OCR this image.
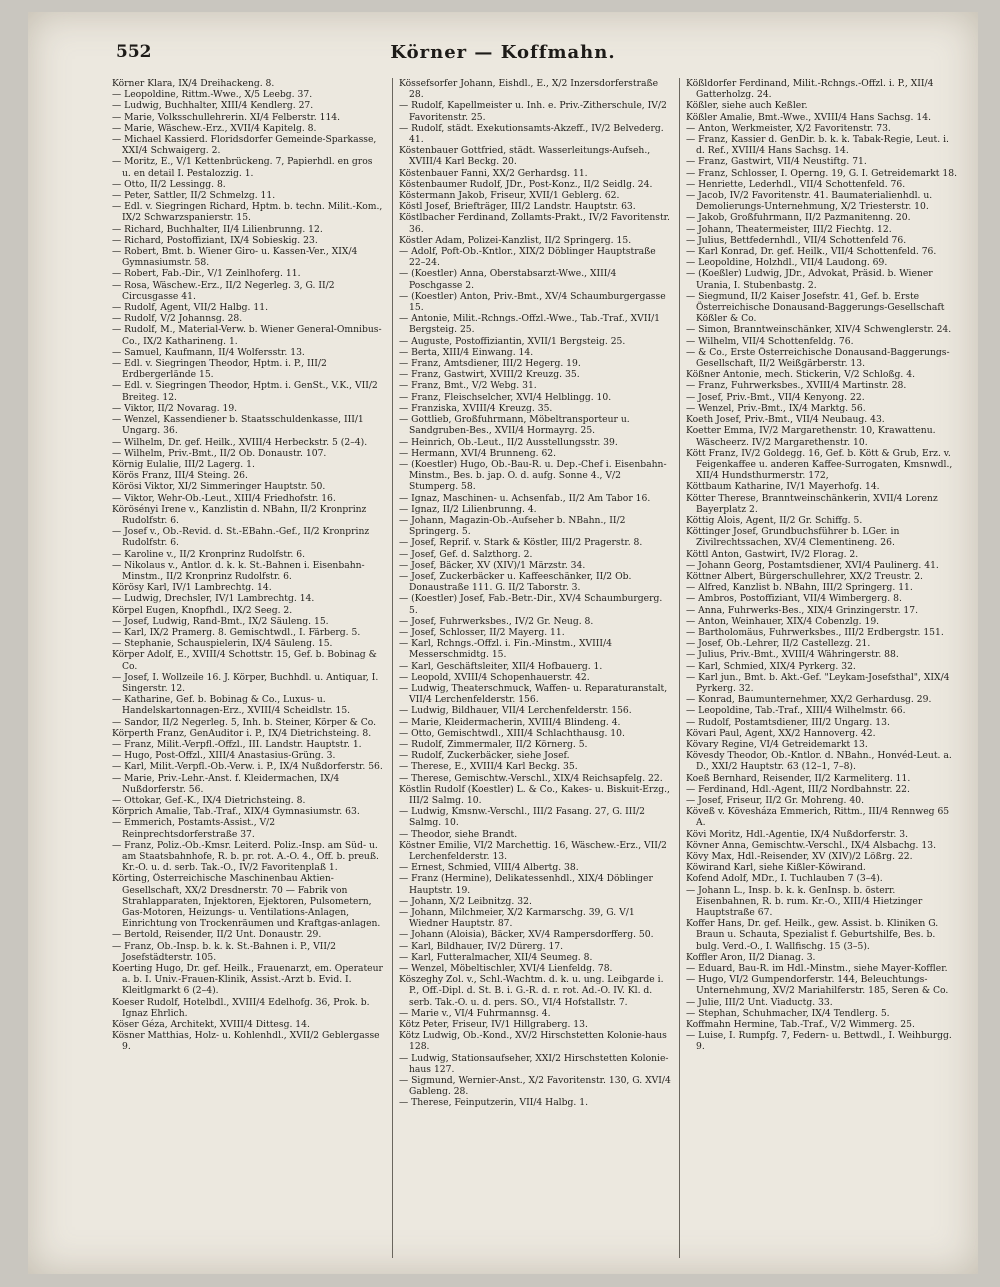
552	Körner — Koffmahn.
Körner Klara, IX/4 Dreihackeng. 8.
— Leopoldine, Rittm.-Wwe., X/5 Leebg. 37.
— Ludwig, Buchhalter, XIII/4 Kendlerg. 27.
— Marie, Volksschullehrerin. XI/4 Felberstr. 114.
— Marie, Wäschew.-Erz., XVII/4 Kapitelg. 8.
— Michael Kassierd. Floridsdorfer Gemeinde-Sparkasse, XXI/4 Schwaigerg. 2.
— Moritz, E., V/1 Kettenbrückeng. 7, Papierhdl. en gros u. en detail I. Pestalozzig. 1.
— Otto, II/2 Lessingg. 8.
— Peter, Sattler, II/2 Schmelzg. 11.
— Edl. v. Siegringen Richard, Hptm. b. techn. Milit.-Kom., IX/2 Schwarzspanierstr. 15.
— Richard, Buchhalter, II/4 Lilienbrunng. 12.
— Richard, Postoffiziant, IX/4 Sobieskig. 23.
— Robert, Bmt. b. Wiener Giro- u. Kassen-Ver., XIX/4 Gymnasiumstr. 58.
— Robert, Fab.-Dir., V/1 Zeinlhoferg. 11.
— Rosa, Wäschew.-Erz., II/2 Negerleg. 3, G. II/2 Circusgasse 41.
— Rudolf, Agent, VII/2 Halbg. 11.
— Rudolf, V/2 Johannsg. 28.
— Rudolf, M., Material-Verw. b. Wiener General-Omnibus-Co., IX/2 Katharineng. 1.
— Samuel, Kaufmann, II/4 Wolfersstr. 13.
— Edl. v. Siegringen Theodor, Hptm. i. P., III/2 Erdbergerlände 15.
— Edl. v. Siegringen Theodor, Hptm. i. GenSt., V.K., VII/2 Breiteg. 12.
— Viktor, II/2 Novarag. 19.
— Wenzel, Kassendiener b. Staatsschuldenkasse, III/1 Ungarg. 36.
— Wilhelm, Dr. gef. Heilk., XVIII/4 Herbeckstr. 5 (2–4).
— Wilhelm, Priv.-Bmt., II/2 Ob. Donaustr. 107.
Körnig Eulalie, III/2 Lagerg. 1.
Körös Franz, III/4 Steing. 26.
Körösi Viktor, XI/2 Simmeringer Hauptstr. 50.
— Viktor, Wehr-Ob.-Leut., XIII/4 Friedhofstr. 16.
Körösényi Irene v., Kanzlistin d. NBahn, II/2 Kronprinz Rudolfstr. 6.
— Josef v., Ob.-Revid. d. St.-EBahn.-Gef., II/2 Kronprinz Rudolfstr. 6.
— Karoline v., II/2 Kronprinz Rudolfstr. 6.
— Nikolaus v., Antlor. d. k. k. St.-Bahnen i. Eisenbahn-Minstm., II/2 Kronprinz Rudolfstr. 6.
Körösy Karl, IV/1 Lambrechtg. 14.
— Ludwig, Drechsler, IV/1 Lambrechtg. 14.
Körpel Eugen, Knopfhdl., IX/2 Seeg. 2.
— Josef, Ludwig, Rand-Bmt., IX/2 Säuleng. 15.
— Karl, IX/2 Pramerg. 8. Gemischtwdl., I. Färberg. 5.
— Stephanie, Schauspielerin, IX/4 Säuleng. 15.
Körper Adolf, E., XVIII/4 Schottstr. 15, Gef. b. Bobinag & Co.
— Josef, I. Wollzeile 16. J. Körper, Buchhdl. u. Antiquar, I. Singerstr. 12.
— Katharine, Gef. b. Bobinag & Co., Luxus- u. Handelskartonnagen-Erz., XVIII/4 Scheidlstr. 15.
— Sandor, II/2 Negerleg. 5, Inh. b. Steiner, Körper & Co.
Körperth Franz, GenAuditor i. P., IX/4 Dietrichsteing. 8.
— Franz, Milit.-Verpfl.-Offzl., III. Landstr. Hauptstr. 1.
— Hugo, Post-Offzl., XIII/4 Anastasius-Grüng. 3.
— Karl, Milit.-Verpfl.-Ob.-Verw. i. P., IX/4 Nußdorferstr. 56.
— Marie, Priv.-Lehr.-Anst. f. Kleidermachen, IX/4 Nußdorferstr. 56.
— Ottokar, Gef.-K., IX/4 Dietrichsteing. 8.
Körprich Amalie, Tab.-Traf., XIX/4 Gymnasiumstr. 63.
— Emmerich, Postamts-Assist., V/2 Reinprechtsdorferstraße 37.
— Franz, Poliz.-Ob.-Kmsr. Leiterd. Poliz.-Insp. am Süd- u. am Staatsbahnhofe, R. b. pr. rot. A.-O. 4., Off. b. preuß. Kr.-O. u. d. serb. Tak.-O., IV/2 Favoritenplaß 1.
Körting, Österreichische Maschinenbau Aktien-Gesellschaft, XX/2 Dresdnerstr. 70 — Fabrik von Strahlapparaten, Injektoren, Ejektoren, Pulsometern, Gas-Motoren, Heizungs- u. Ventilations-Anlagen, Einrichtung von Trockenräumen und Kraftgas-anlagen.
— Bertold, Reisender, II/2 Unt. Donaustr. 29.
— Franz, Ob.-Insp. b. k. k. St.-Bahnen i. P., VII/2 Josefstädterstr. 105.
Koerting Hugo, Dr. gef. Heilk., Frauenarzt, em. Operateur a. b. I. Univ.-Frauen-Klinik, Assist.-Arzt b. Evid. I. Kleitlgmarkt 6 (2–4).
Koeser Rudolf, Hotelbdl., XVIII/4 Edelhofg. 36, Prok. b. Ignaz Ehrlich.
Köser Géza, Architekt, XVIII/4 Dittesg. 14.
Kösner Matthias, Holz- u. Kohlenhdl., XVII/2 Geblergasse 9.
Kössefsorfer Johann, Eishdl., E., X/2 Inzersdorferstraße 28.
— Rudolf, Kapellmeister u. Inh. e. Priv.-Zitherschule, IV/2 Favoritenstr. 25.
— Rudolf, städt. Exekutionsamts-Akzeff., IV/2 Belvederg. 41.
Köstenbauer Gottfried, städt. Wasserleitungs-Aufseh., XVIII/4 Karl Beckg. 20.
Köstenbauer Fanni, XX/2 Gerhardsg. 11.
Köstenbaumer Rudolf, JDr., Post-Konz., II/2 Seidlg. 24.
Köstermann Jakob, Friseur, XVII/1 Geblerg. 62.
Köstl Josef, Briefträger, III/2 Landstr. Hauptstr. 63.
Köstlbacher Ferdinand, Zollamts-Prakt., IV/2 Favoritenstr. 36.
Köstler Adam, Polizei-Kanzlist, II/2 Springerg. 15.
— Adolf, Poft-Ob.-Kntlor., XIX/2 Döblinger Hauptstraße 22–24.
— (Koestler) Anna, Oberstabsarzt-Wwe., XIII/4 Poschgasse 2.
— (Koestler) Anton, Priv.-Bmt., XV/4 Schaumburgergasse 15.
— Antonie, Milit.-Rchngs.-Offzl.-Wwe., Tab.-Traf., XVII/1 Bergsteig. 25.
— Auguste, Postoffiziantin, XVII/1 Bergsteig. 25.
— Berta, XIII/4 Einwang. 14.
— Franz, Amtsdiener, III/2 Hegerg. 19.
— Franz, Gastwirt, XVIII/2 Kreuzg. 35.
— Franz, Bmt., V/2 Webg. 31.
— Franz, Fleischselcher, XVI/4 Helblingg. 10.
— Franziska, XVIII/4 Kreuzg. 35.
— Gottlieb, Großfuhrmann, Möbeltransporteur u. Sandgruben-Bes., XVII/4 Hormayrg. 25.
— Heinrich, Ob.-Leut., II/2 Ausstellungsstr. 39.
— Hermann, XVI/4 Brunneng. 62.
— (Koestler) Hugo, Ob.-Bau-R. u. Dep.-Chef i. Eisenbahn-Minstm., Bes. b. jap. O. d. aufg. Sonne 4., V/2 Stumperg. 58.
— Ignaz, Maschinen- u. Achsenfab., II/2 Am Tabor 16.
— Ignaz, II/2 Lilienbrunng. 4.
— Johann, Magazin-Ob.-Aufseher b. NBahn., II/2 Springerg. 5.
— Josef, Reprif. v. Stark & Köstler, III/2 Pragerstr. 8.
— Josef, Gef. d. Salzthorg. 2.
— Josef, Bäcker, XV (XIV)/1 Märzstr. 34.
— Josef, Zuckerbäcker u. Kaffeeschänker, II/2 Ob. Donaustraße 111. G. II/2 Taborstr. 3.
— (Koestler) Josef, Fab.-Betr.-Dir., XV/4 Schaumburgerg. 5.
— Josef, Fuhrwerksbes., IV/2 Gr. Neug. 8.
— Josef, Schlosser, II/2 Mayerg. 11.
— Karl, Rchngs.-Offzl. i. Fin.-Minstm., XVIII/4 Messerschmidtg. 15.
— Karl, Geschäftsleiter, XII/4 Hofbauerg. 1.
— Leopold, XVIII/4 Schopenhauerstr. 42.
— Ludwig, Theaterschmuck, Waffen- u. Reparaturanstalt, VII/4 Lerchenfelderstr. 156.
— Ludwig, Bildhauer, VII/4 Lerchenfelderstr. 156.
— Marie, Kleidermacherin, XVIII/4 Blindeng. 4.
— Otto, Gemischtwdl., XIII/4 Schlachthausg. 10.
— Rudolf, Zimmermaler, II/2 Körnerg. 5.
— Rudolf, Zuckerbäcker, siehe Josef.
— Therese, E., XVIII/4 Karl Beckg. 35.
— Therese, Gemischtw.-Verschl., XIX/4 Reichsapfelg. 22.
Köstlin Rudolf (Koestler) L. & Co., Kakes- u. Biskuit-Erzg., III/2 Salmg. 10.
— Ludwig, Kmsnw.-Verschl., III/2 Fasang. 27, G. III/2 Salmg. 10.
— Theodor, siehe Brandt.
Köstner Emilie, VI/2 Marchettig. 16, Wäschew.-Erz., VII/2 Lerchenfelderstr. 13.
— Ernest, Schmied, VIII/4 Albertg. 38.
— Franz (Hermine), Delikatessenhdl., XIX/4 Döblinger Hauptstr. 19.
— Johann, X/2 Leibnitzg. 32.
— Johann, Milchmeier, X/2 Karmarschg. 39, G. V/1 Wiedner Hauptstr. 87.
— Johann (Aloisia), Bäcker, XV/4 Rampersdorfferg. 50.
— Karl, Bildhauer, IV/2 Dürerg. 17.
— Karl, Futteralmacher, XII/4 Seumeg. 8.
— Wenzel, Möbeltischler, XVI/4 Lienfeldg. 78.
Köszeghy Zol. v., Schl.-Wachtm. d. k. u. ung. Leibgarde i. P., Off.-Dipl. d. St. B. i. G.-R. d. r. rot. Ad.-O. IV. Kl. d. serb. Tak.-O. u. d. pers. SO., VI/4 Hofstallstr. 7.
— Marie v., VI/4 Fuhrmannsg. 4.
Kötz Peter, Friseur, IV/1 Hillgraberg. 13.
Kötz Ludwig, Ob.-Kond., XV/2 Hirschstetten Kolonie-haus 128.
— Ludwig, Stationsaufseher, XXI/2 Hirschstetten Kolonie-haus 127.
— Sigmund, Wernier-Anst., X/2 Favoritenstr. 130, G. XVI/4 Gableng. 28.
— Therese, Feinputzerin, VII/4 Halbg. 1.
Kößldorfer Ferdinand, Milit.-Rchngs.-Offzl. i. P., XII/4 Gatterholzg. 24.
Kößler, siehe auch Keßler.
Kößler Amalie, Bmt.-Wwe., XVIII/4 Hans Sachsg. 14.
— Anton, Werkmeister, X/2 Favoritenstr. 73.
— Franz, Kassier d. GenDir. b. k. k. Tabak-Regie, Leut. i. d. Ref., XVIII/4 Hans Sachsg. 14.
— Franz, Gastwirt, VII/4 Neustiftg. 71.
— Franz, Schlosser, I. Operng. 19, G. I. Getreidemarkt 18.
— Henriette, Lederhdl., VII/4 Schottenfeld. 76.
— Jacob, IV/2 Favoritenstr. 41. Baumaterialienhdl. u. Demolierungs-Unternehmung, X/2 Triesterstr. 10.
— Jakob, Großfuhrmann, II/2 Pazmanitenng. 20.
— Johann, Theatermeister, III/2 Fiechtg. 12.
— Julius, Bettfedernhdl., VII/4 Schottenfeld 76.
— Karl Konrad, Dr. gef. Heilk., VII/4 Schottenfeld. 76.
— Leopoldine, Holzhdl., VII/4 Laudong. 69.
— (Koeßler) Ludwig, JDr., Advokat, Präsid. b. Wiener Urania, I. Stubenbastg. 2.
— Siegmund, II/2 Kaiser Josefstr. 41, Gef. b. Erste Österreichische Donausand-Baggerungs-Gesellschaft Kößler & Co.
— Simon, Branntweinschänker, XIV/4 Schwenglerstr. 24.
— Wilhelm, VII/4 Schottenfeldg. 76.
— & Co., Erste Österreichische Donausand-Baggerungs-Gesellschaft, II/2 Weißgärberstr. 13.
Kößner Antonie, mech. Stickerin, V/2 Schloßg. 4.
— Franz, Fuhrwerksbes., XVIII/4 Martinstr. 28.
— Josef, Priv.-Bmt., VII/4 Kenyong. 22.
— Wenzel, Priv.-Bmt., IX/4 Marktg. 56.
Koeth Josef, Priv.-Bmt., VII/4 Neubaug. 43.
Koetter Emma, IV/2 Margarethenstr. 10, Krawattenu. Wäscheerz. IV/2 Margarethenstr. 10.
Kött Franz, IV/2 Goldegg. 16, Gef. b. Kött & Grub, Erz. v. Feigenkaffee u. anderen Kaffee-Surrogaten, Kmsnwdl., XII/4 Hundsthurmerstr. 172,
Köttbaum Katharine, IV/1 Mayerhofg. 14.
Kötter Therese, Branntweinschänkerin, XVII/4 Lorenz Bayerplatz 2.
Köttig Alois, Agent, II/2 Gr. Schiffg. 5.
Köttinger Josef, Grundbuchsführer b. LGer. in Zivilrechtssachen, XV/4 Clementineng. 26.
Köttl Anton, Gastwirt, IV/2 Florag. 2.
— Johann Georg, Postamtsdiener, XVI/4 Paulinerg. 41.
Köttner Albert, Bürgerschullehrer, XX/2 Treustr. 2.
— Alfred, Kanzlist b. NBahn, III/2 Springerg. 11.
— Ambros, Postoffiziant, VII/4 Wimbergerg. 8.
— Anna, Fuhrwerks-Bes., XIX/4 Grinzingerstr. 17.
— Anton, Weinhauer, XIX/4 Cobenzlg. 19.
— Bartholomäus, Fuhrwerksbes., III/2 Erdbergstr. 151.
— Josef, Ob.-Lehrer, II/2 Castellezg. 21.
— Julius, Priv.-Bmt., XVIII/4 Währingerstr. 88.
— Karl, Schmied, XIX/4 Pyrkerg. 32.
— Karl jun., Bmt. b. Akt.-Gef. "Leykam-Josefsthal", XIX/4 Pyrkerg. 32.
— Konrad, Baumunternehmer, XX/2 Gerhardusg. 29.
— Leopoldine, Tab.-Traf., XIII/4 Wilhelmstr. 66.
— Rudolf, Postamtsdiener, III/2 Ungarg. 13.
Kövari Paul, Agent, XX/2 Hannoverg. 42.
Kövary Regine, VI/4 Getreidemarkt 13.
Kövesdy Theodor, Ob.-Kntlor. d. NBahn., Honvéd-Leut. a. D., XXI/2 Hauptstr. 63 (12–1, 7–8).
Koeß Bernhard, Reisender, II/2 Karmeliterg. 11.
— Ferdinand, Hdl.-Agent, III/2 Nordbahnstr. 22.
— Josef, Friseur, II/2 Gr. Mohreng. 40.
Köveß v. Kövesháza Emmerich, Rittm., III/4 Rennweg 65 A.
Kövi Moritz, Hdl.-Agentie, IX/4 Nußdorferstr. 3.
Kövner Anna, Gemischtw.-Verschl., IX/4 Alsbachg. 13.
Kövy Max, Hdl.-Reisender, XV (XIV)/2 Lößrg. 22.
Köwirand Karl, siehe Kißler-Köwirand.
Kofend Adolf, MDr., I. Tuchlauben 7 (3–4).
— Johann L., Insp. b. k. k. GenInsp. b. österr. Eisenbahnen, R. b. rum. Kr.-O., XIII/4 Hietzinger Hauptstraße 67.
Koffer Hans, Dr. gef. Heilk., gew. Assist. b. Kliniken G. Braun u. Schauta, Spezialist f. Geburtshilfe, Bes. b. bulg. Verd.-O., I. Wallfischg. 15 (3–5).
Koffler Aron, II/2 Dianag. 3.
— Eduard, Bau-R. im Hdl.-Minstm., siehe Mayer-Koffler.
— Hugo, VI/2 Gumpendorferstr. 144, Beleuchtungs-Unternehmung, XV/2 Mariahilferstr. 185, Seren & Co.
— Julie, III/2 Unt. Viaductg. 33.
— Stephan, Schuhmacher, IX/4 Tendlerg. 5.
Koffmahn Hermine, Tab.-Traf., V/2 Wimmerg. 25.
— Luise, I. Rumpfg. 7, Federn- u. Bettwdl., I. Weihburgg. 9.
